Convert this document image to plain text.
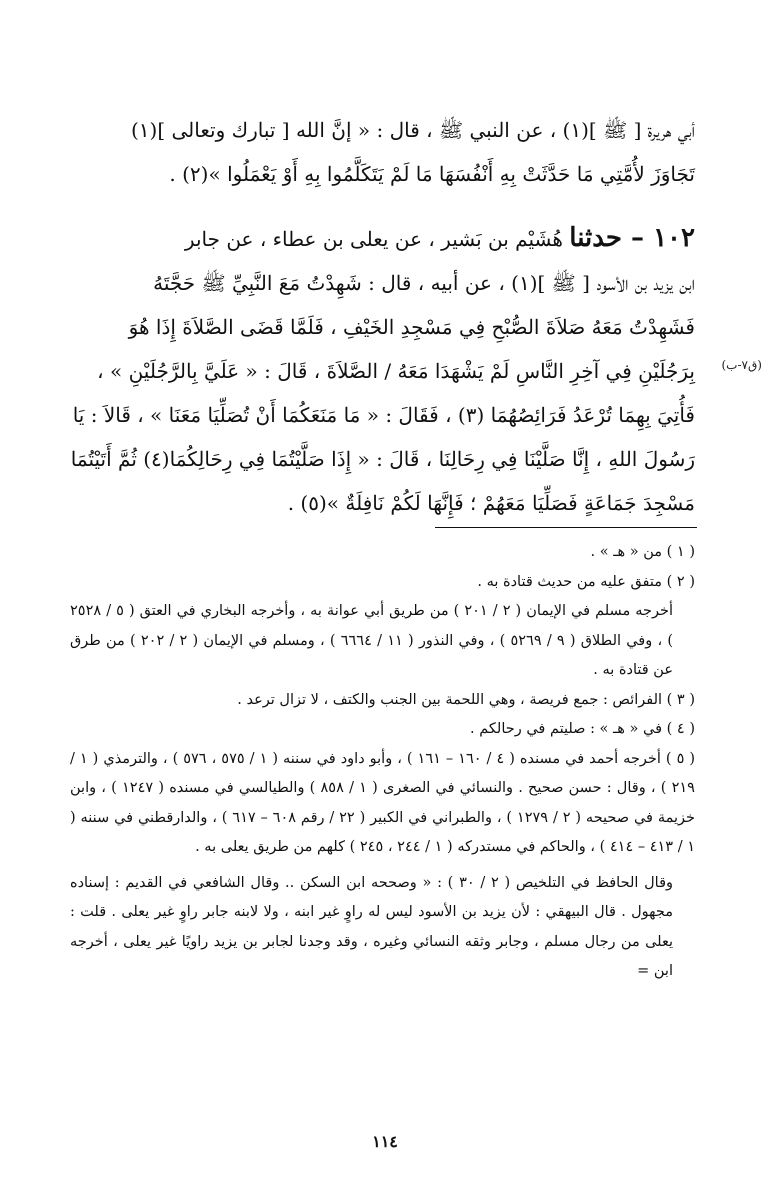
أبي هريرة [ ﷺ ](١) ، عن النبي ﷺ ، قال : « إنَّ الله [ تبارك وتعالى ](١)

تَجَاوَزَ لأُمَّتِي مَا حَدَّثَتْ بِهِ أَنْفُسَهَا مَا لَمْ يَتَكَلَّمُوا بِهِ أَوْ يَعْمَلُوا »(٢) .

١٠٢ – حدثنا هُشَيْم بن بَشير ، عن يعلى بن عطاء ، عن جابر

ابن يزيد بن الأسود [ ﷺ ](١) ، عن أبيه ، قال : شَهِدْتُ مَعَ النَّبِيِّ ﷺ حَجَّتَهُ

فَشَهِدْتُ مَعَهُ صَلاَةَ الصُّبْحِ فِي مَسْجِدِ الخَيْفِ ، فَلَمَّا قَضَى الصَّلاَةَ إِذَا هُوَ

بِرَجُلَيْنِ فِي آخِرِ النَّاسِ لَمْ يَشْهَدَا مَعَهُ / الصَّلاَةَ ، قَالَ : « عَلَيَّ بِالرَّجُلَيْنِ » ،

فَأُتِيَ بِهِمَا تُرْعَدُ فَرَائِصُهُمَا (٣) ، فَقَالَ : « مَا مَنَعَكُمَا أَنْ تُصَلِّيَا مَعَنَا » ، قَالاَ : يَا

رَسُولَ اللهِ ، إِنَّا صَلَّيْنَا فِي رِحَالِنَا ، قَالَ : « إِذَا صَلَّيْتُمَا فِي رِحَالِكُمَا(٤) ثُمَّ أَتَيْتُمَا

مَسْجِدَ جَمَاعَةٍ فَصَلِّيَا مَعَهُمْ ؛ فَإِنَّهَا لَكُمْ نَافِلَةٌ »(٥) .

(ق٧-ب)

( ١ ) من « هـ » .

( ٢ ) متفق عليه من حديث قتادة به .

أخرجه مسلم في الإيمان ( ٢ / ٢٠١ ) من طريق أبي عوانة به ، وأخرجه البخاري في العتق ( ٥ / ٢٥٢٨ ) ، وفي الطلاق ( ٩ / ٥٢٦٩ ) ، وفي النذور ( ١١ / ٦٦٦٤ ) ، ومسلم في الإيمان ( ٢ / ٢٠٢ ) من طرق عن قتادة به .

( ٣ ) الفرائص : جمع فريصة ، وهي اللحمة بين الجنب والكتف ، لا تزال ترعد .

( ٤ ) في « هـ » : صليتم في رحالكم .

( ٥ ) أخرجه أحمد في مسنده ( ٤ / ١٦٠ – ١٦١ ) ، وأبو داود في سننه ( ١ / ٥٧٥ ، ٥٧٦ ) ، والترمذي ( ١ / ٢١٩ ) ، وقال : حسن صحيح . والنسائي في الصغرى ( ١ / ٨٥٨ ) والطيالسي في مسنده ( ١٢٤٧ ) ، وابن خزيمة في صحيحه ( ٢ / ١٢٧٩ ) ، والطبراني في الكبير ( ٢٢ / رقم ٦٠٨ – ٦١٧ ) ، والدارقطني في سننه ( ١ / ٤١٣ – ٤١٤ ) ، والحاكم في مستدركه ( ١ / ٢٤٤ ، ٢٤٥ ) كلهم من طريق يعلى به .

وقال الحافظ في التلخيص ( ٢ / ٣٠ ) : « وصححه ابن السكن .. وقال الشافعي في القديم : إسناده مجهول . قال البيهقي : لأن يزيد بن الأسود ليس له راوٍ غير ابنه ، ولا لابنه جابر راوٍ غير يعلى . قلت : يعلى من رجال مسلم ، وجابر وثقه النسائي وغيره ، وقد وجدنا لجابر بن يزيد راويًا غير يعلى ، أخرجه ابن =

١١٤
